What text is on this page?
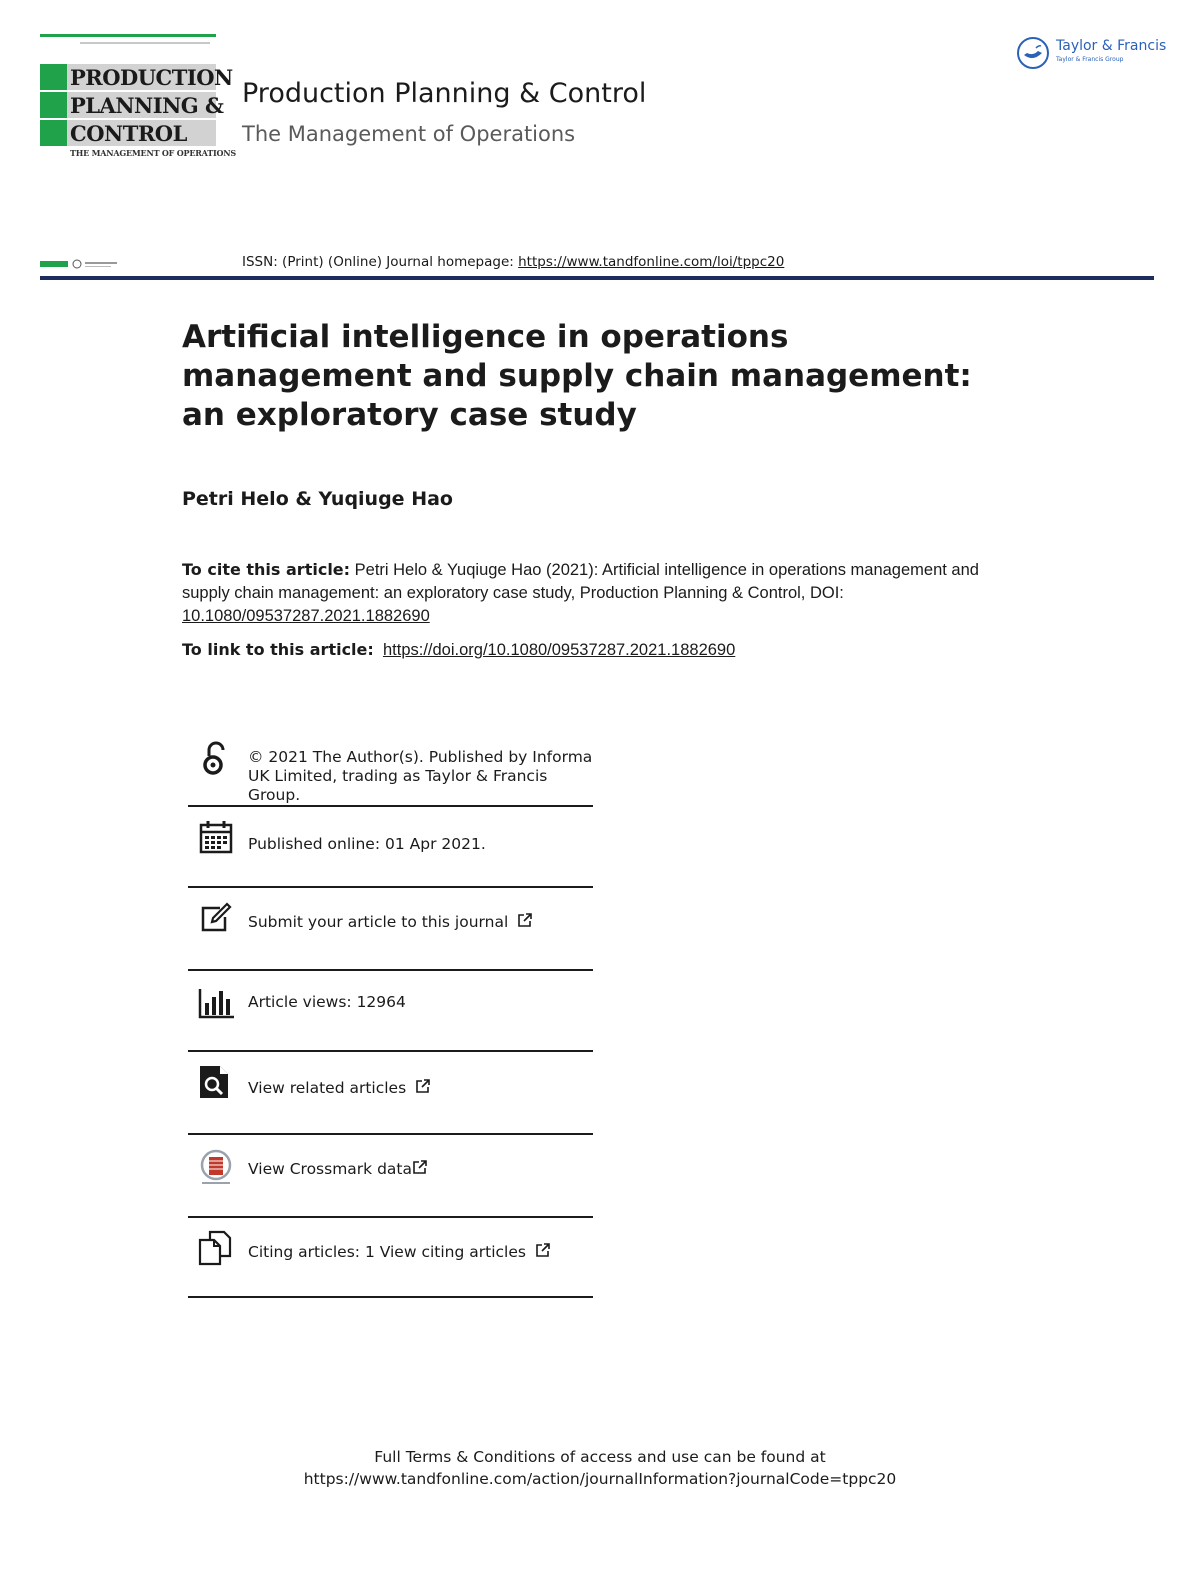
PRODUCTION
PLANNING &
CONTROL
THE MANAGEMENT OF OPERATIONS
Production Planning & Control
The Management of Operations
Taylor & Francis
Taylor & Francis Group
ISSN: (Print) (Online) Journal homepage: https://www.tandfonline.com/loi/tppc20
Artificial intelligence in operations management and supply chain management: an exploratory case study
Petri Helo & Yuqiuge Hao
To cite this article: Petri Helo & Yuqiuge Hao (2021): Artificial intelligence in operations management and supply chain management: an exploratory case study, Production Planning & Control, DOI: 10.1080/09537287.2021.1882690
To link to this article: https://doi.org/10.1080/09537287.2021.1882690
© 2021 The Author(s). Published by Informa UK Limited, trading as Taylor & Francis Group.
Published online: 01 Apr 2021.
Submit your article to this journal
Article views: 12964
View related articles
View Crossmark data
Citing articles: 1 View citing articles
Full Terms & Conditions of access and use can be found at
https://www.tandfonline.com/action/journalInformation?journalCode=tppc20
